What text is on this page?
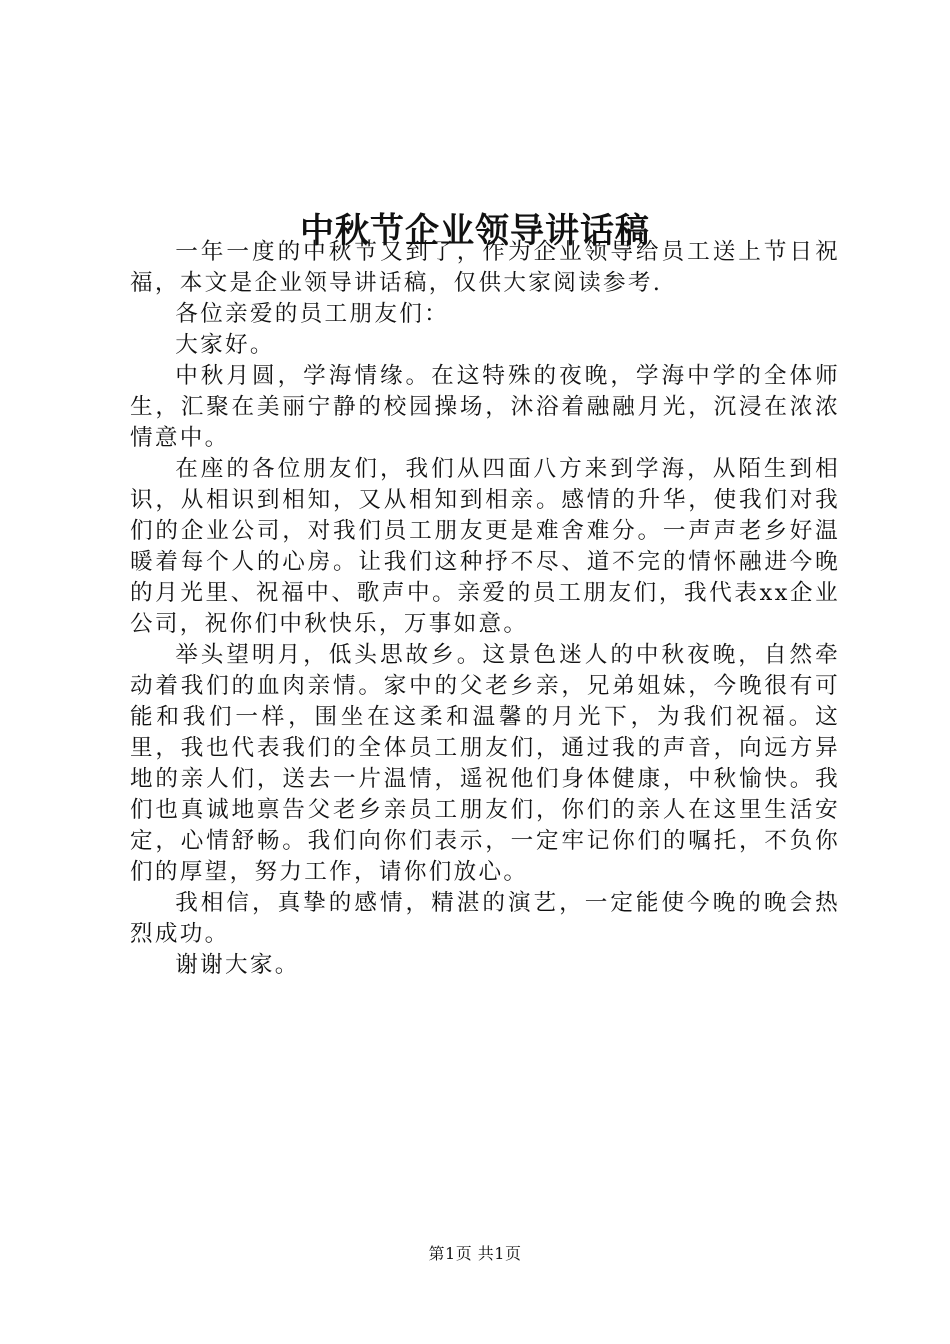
中秋节企业领导讲话稿

一年一度的中秋节又到了，作为企业领导给员工送上节日祝福，本文是企业领导讲话稿，仅供大家阅读参考.

各位亲爱的员工朋友们：

大家好。

中秋月圆，学海情缘。在这特殊的夜晚，学海中学的全体师生，汇聚在美丽宁静的校园操场，沐浴着融融月光，沉浸在浓浓情意中。

在座的各位朋友们，我们从四面八方来到学海，从陌生到相识，从相识到相知，又从相知到相亲。感情的升华，使我们对我们的企业公司，对我们员工朋友更是难舍难分。一声声老乡好温暖着每个人的心房。让我们这种抒不尽、道不完的情怀融进今晚的月光里、祝福中、歌声中。亲爱的员工朋友们，我代表xx企业公司，祝你们中秋快乐，万事如意。

举头望明月，低头思故乡。这景色迷人的中秋夜晚，自然牵动着我们的血肉亲情。家中的父老乡亲，兄弟姐妹，今晚很有可能和我们一样，围坐在这柔和温馨的月光下，为我们祝福。这里，我也代表我们的全体员工朋友们，通过我的声音，向远方异地的亲人们，送去一片温情，遥祝他们身体健康，中秋愉快。我们也真诚地禀告父老乡亲员工朋友们，你们的亲人在这里生活安定，心情舒畅。我们向你们表示，一定牢记你们的嘱托，不负你们的厚望，努力工作，请你们放心。

我相信，真挚的感情，精湛的演艺，一定能使今晚的晚会热烈成功。

谢谢大家。

第1页 共1页
